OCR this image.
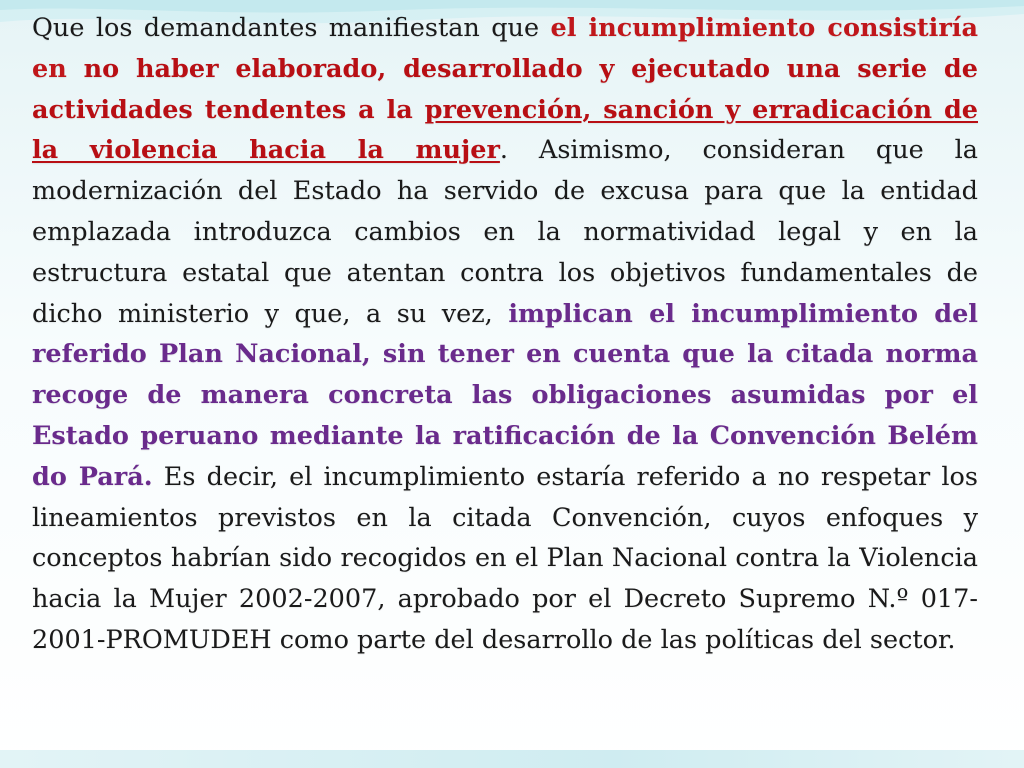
Que los demandantes manifiestan que el incumplimiento consistiría en no haber elaborado, desarrollado y ejecutado una serie de actividades tendentes a la prevención, sanción y erradicación de la violencia hacia la mujer. Asimismo, consideran que la modernización del Estado ha servido de excusa para que la entidad emplazada introduzca cambios en la normatividad legal y en la estructura estatal que atentan contra los objetivos fundamentales de dicho ministerio y que, a su vez, implican el incumplimiento del referido Plan Nacional, sin tener en cuenta que la citada norma recoge de manera concreta las obligaciones asumidas por el Estado peruano mediante la ratificación de la Convención Belém do Pará. Es decir, el incumplimiento estaría referido a no respetar los lineamientos previstos en la citada Convención, cuyos enfoques y conceptos habrían sido recogidos en el Plan Nacional contra la Violencia hacia la Mujer 2002-2007, aprobado por el Decreto Supremo N.º 017-2001-PROMUDEH como parte del desarrollo de las políticas del sector.
